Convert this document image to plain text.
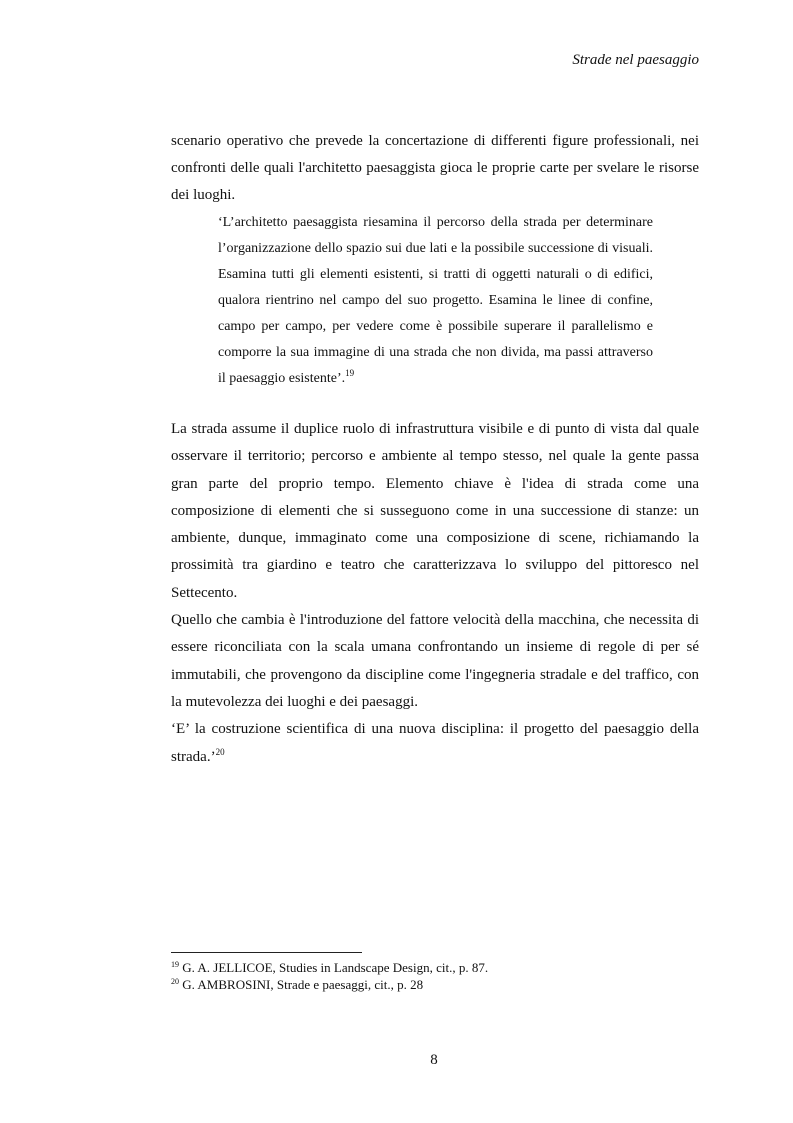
Strade nel paesaggio

scenario operativo che prevede la concertazione di differenti figure professionali, nei confronti delle quali l'architetto paesaggista gioca le proprie carte per svelare le risorse dei luoghi.

‘L’architetto paesaggista riesamina il percorso della strada per determinare l’organizzazione dello spazio sui due lati e la possibile successione di visuali. Esamina tutti gli elementi esistenti, si tratti di oggetti naturali o di edifici, qualora rientrino nel campo del suo progetto. Esamina le linee di confine, campo per campo, per vedere come è possibile superare il parallelismo e comporre la sua immagine di una strada che non divida, ma passi attraverso il paesaggio esistente’.$^{19}$

La strada assume il duplice ruolo di infrastruttura visibile e di punto di vista dal quale osservare il territorio; percorso e ambiente al tempo stesso, nel quale la gente passa gran parte del proprio tempo. Elemento chiave è l'idea di strada come una composizione di elementi che si susseguono come in una successione di stanze: un ambiente, dunque, immaginato come una composizione di scene, richiamando la prossimità tra giardino e teatro che caratterizzava lo sviluppo del pittoresco nel Settecento.

Quello che cambia è l'introduzione del fattore velocità della macchina, che necessita di essere riconciliata con la scala umana confrontando un insieme di regole di per sé immutabili, che provengono da discipline come l'ingegneria stradale e del traffico, con la mutevolezza dei luoghi e dei paesaggi.

‘E’ la costruzione scientifica di una nuova disciplina: il progetto del paesaggio della strada.’$^{20}$

$^{19}$ G. A. JELLICOE, Studies in Landscape Design, cit., p. 87.
$^{20}$ G. AMBROSINI, Strade e paesaggi, cit., p. 28
8
